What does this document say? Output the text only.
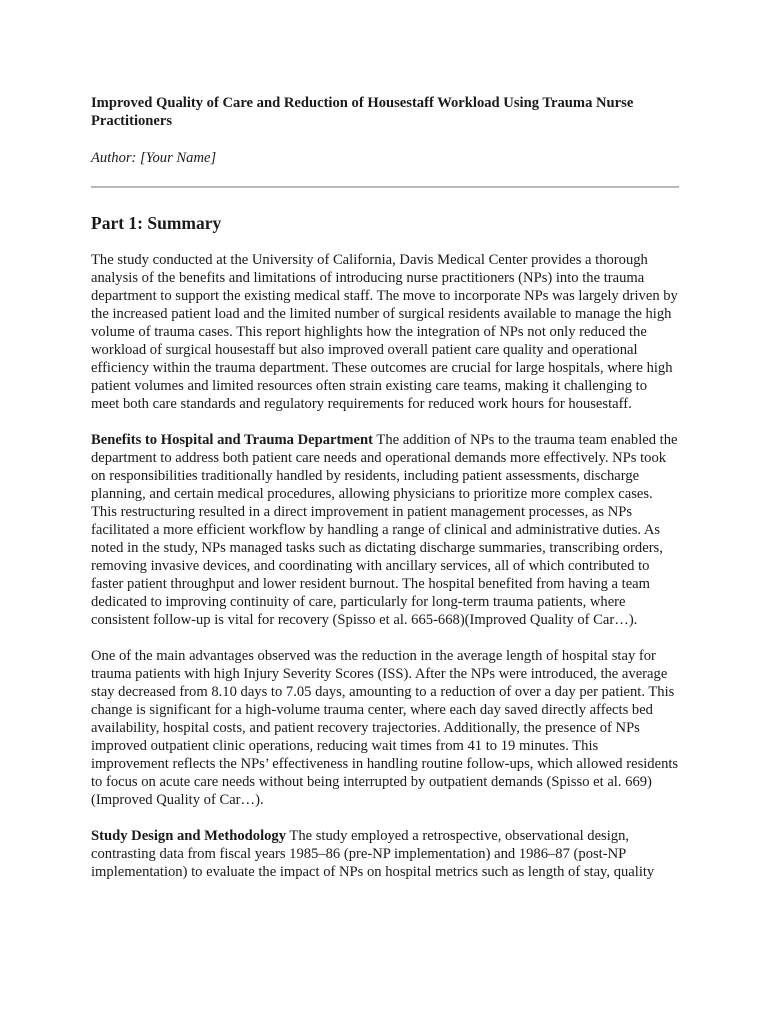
Improved Quality of Care and Reduction of Housestaff Workload Using Trauma Nurse Practitioners

Author: [Your Name]

Part 1: Summary

The study conducted at the University of California, Davis Medical Center provides a thorough analysis of the benefits and limitations of introducing nurse practitioners (NPs) into the trauma department to support the existing medical staff. The move to incorporate NPs was largely driven by the increased patient load and the limited number of surgical residents available to manage the high volume of trauma cases. This report highlights how the integration of NPs not only reduced the workload of surgical housestaff but also improved overall patient care quality and operational efficiency within the trauma department. These outcomes are crucial for large hospitals, where high patient volumes and limited resources often strain existing care teams, making it challenging to meet both care standards and regulatory requirements for reduced work hours for housestaff.

Benefits to Hospital and Trauma Department The addition of NPs to the trauma team enabled the department to address both patient care needs and operational demands more effectively. NPs took on responsibilities traditionally handled by residents, including patient assessments, discharge planning, and certain medical procedures, allowing physicians to prioritize more complex cases. This restructuring resulted in a direct improvement in patient management processes, as NPs facilitated a more efficient workflow by handling a range of clinical and administrative duties. As noted in the study, NPs managed tasks such as dictating discharge summaries, transcribing orders, removing invasive devices, and coordinating with ancillary services, all of which contributed to faster patient throughput and lower resident burnout. The hospital benefited from having a team dedicated to improving continuity of care, particularly for long-term trauma patients, where consistent follow-up is vital for recovery (Spisso et al. 665-668)(Improved Quality of Car…).

One of the main advantages observed was the reduction in the average length of hospital stay for trauma patients with high Injury Severity Scores (ISS). After the NPs were introduced, the average stay decreased from 8.10 days to 7.05 days, amounting to a reduction of over a day per patient. This change is significant for a high-volume trauma center, where each day saved directly affects bed availability, hospital costs, and patient recovery trajectories. Additionally, the presence of NPs improved outpatient clinic operations, reducing wait times from 41 to 19 minutes. This improvement reflects the NPs’ effectiveness in handling routine follow-ups, which allowed residents to focus on acute care needs without being interrupted by outpatient demands (Spisso et al. 669)(Improved Quality of Car…).

Study Design and Methodology The study employed a retrospective, observational design, contrasting data from fiscal years 1985–86 (pre-NP implementation) and 1986–87 (post-NP implementation) to evaluate the impact of NPs on hospital metrics such as length of stay, quality
